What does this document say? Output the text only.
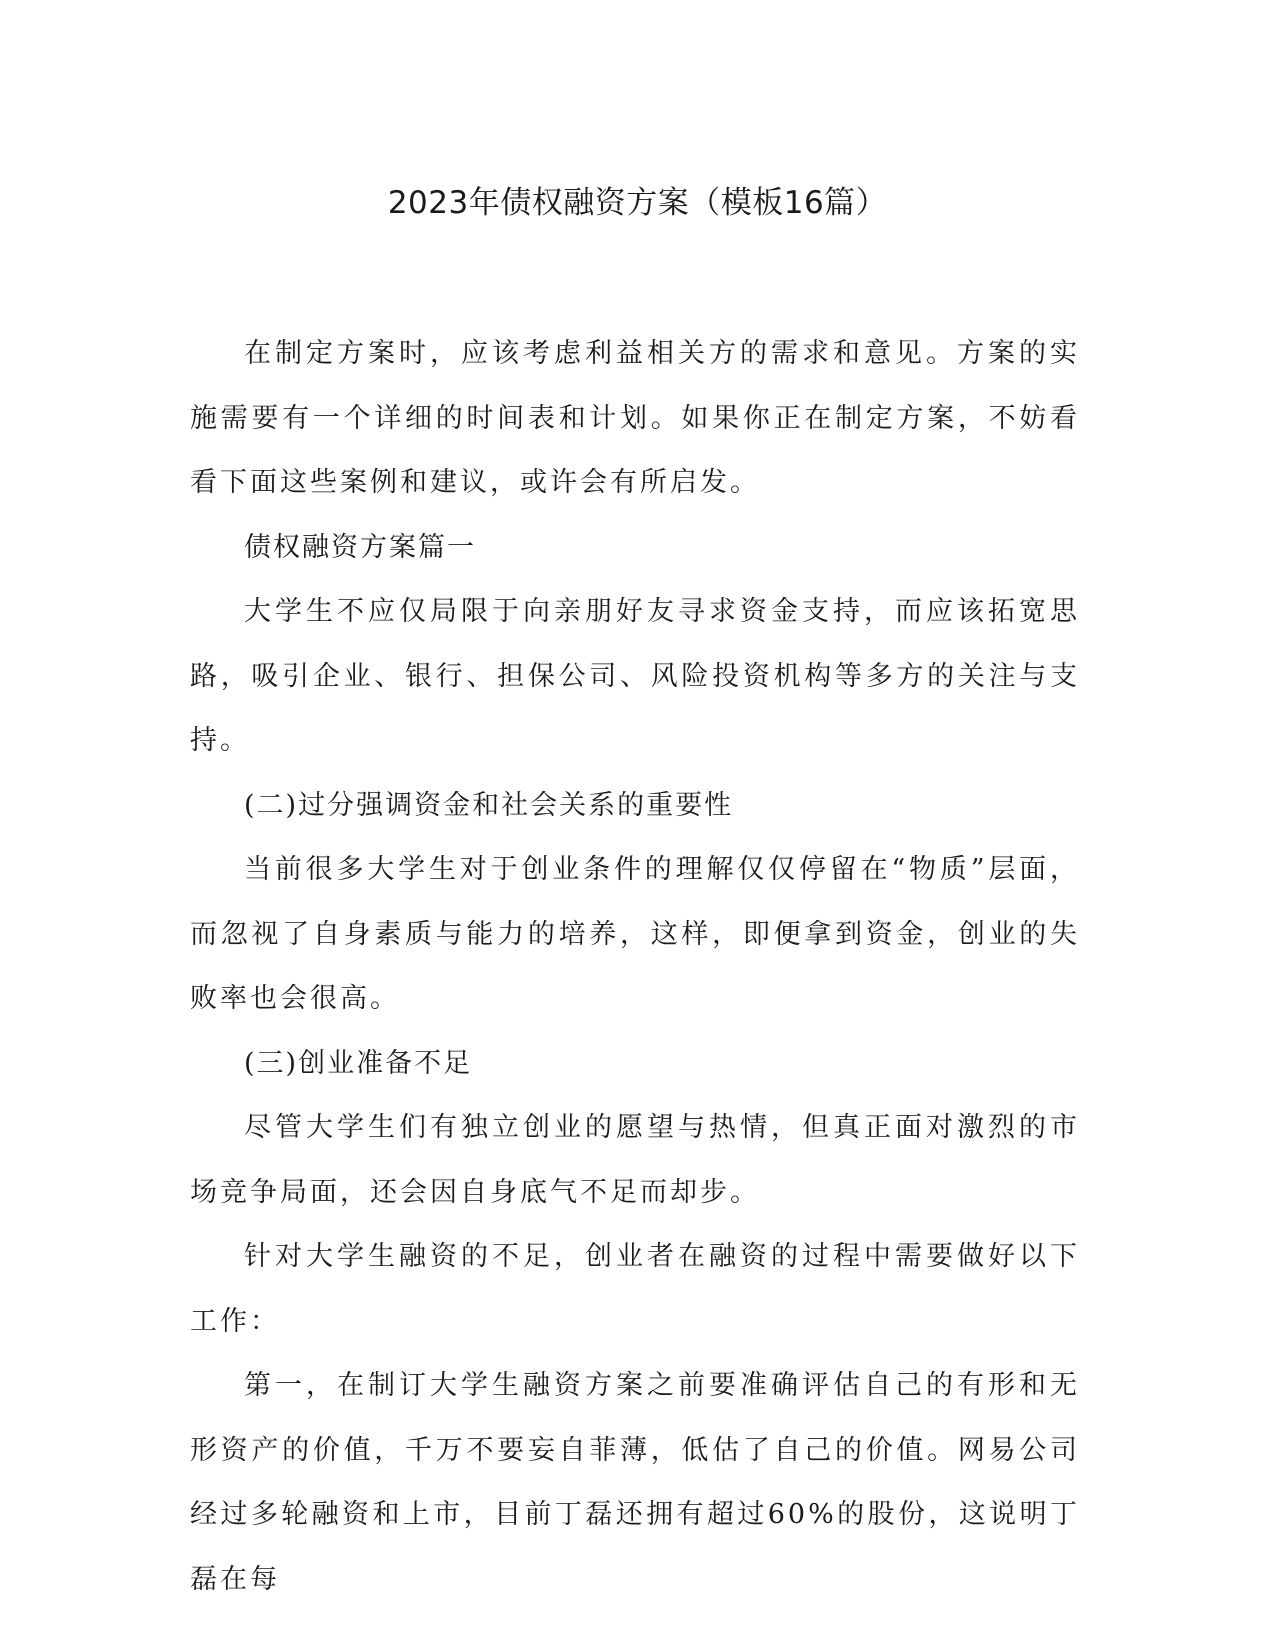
2023年债权融资方案（模板16篇）

在制定方案时，应该考虑利益相关方的需求和意见。方案的实施需要有一个详细的时间表和计划。如果你正在制定方案，不妨看看下面这些案例和建议，或许会有所启发。

债权融资方案篇一

大学生不应仅局限于向亲朋好友寻求资金支持，而应该拓宽思路，吸引企业、银行、担保公司、风险投资机构等多方的关注与支持。

(二)过分强调资金和社会关系的重要性

当前很多大学生对于创业条件的理解仅仅停留在“物质”层面，而忽视了自身素质与能力的培养，这样，即便拿到资金，创业的失败率也会很高。

(三)创业准备不足

尽管大学生们有独立创业的愿望与热情，但真正面对激烈的市场竞争局面，还会因自身底气不足而却步。

针对大学生融资的不足，创业者在融资的过程中需要做好以下工作：

第一，在制订大学生融资方案之前要准确评估自己的有形和无形资产的价值，千万不要妄自菲薄，低估了自己的价值。网易公司经过多轮融资和上市，目前丁磊还拥有超过60%的股份，这说明丁磊在每
